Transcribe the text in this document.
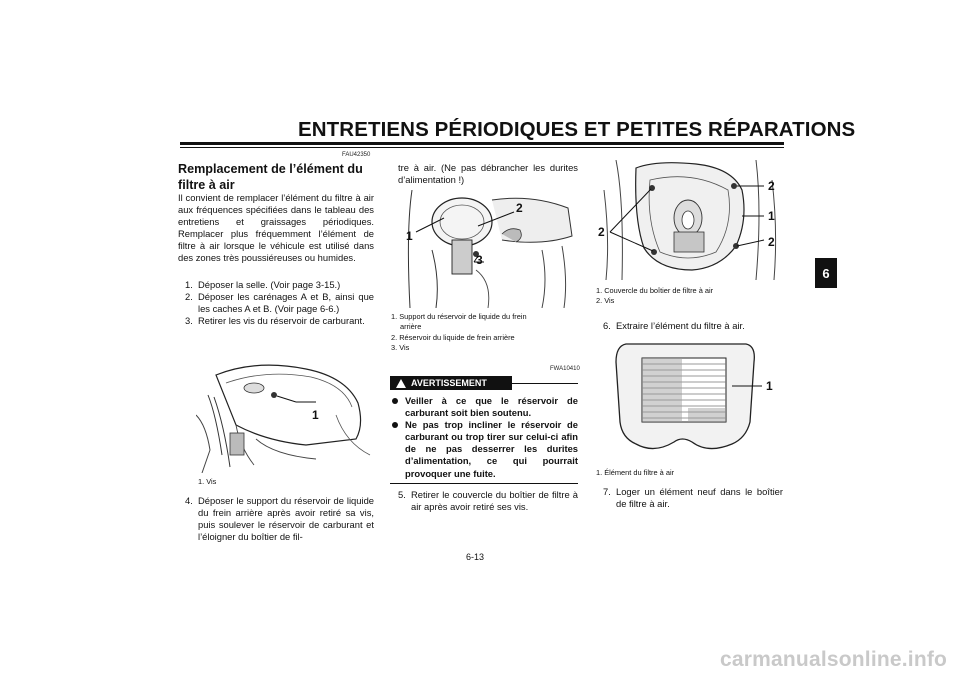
ENTRETIENS PÉRIODIQUES ET PETITES RÉPARATIONS
6
FAU42350
Remplacement de l’élément du filtre à air
Il convient de remplacer l’élément du filtre à air aux fréquences spécifiées dans le tableau des entretiens et graissages périodiques. Remplacer plus fréquemment l’élément de filtre à air lorsque le véhicule est utilisé dans des zones très poussiéreuses ou humides.
1. Déposer la selle. (Voir page 3-15.)
2. Déposer les carénages A et B, ainsi que les caches A et B. (Voir page 6-6.)
3. Retirer les vis du réservoir de carburant.
1
1. Vis
4. Déposer le support du réservoir de liquide du frein arrière après avoir retiré sa vis, puis soulever le réservoir de carburant et l’éloigner du boîtier de fil-
tre à air. (Ne pas débrancher les durites d’alimentation !)
1
2
3
1. Support du réservoir de liquide du frein
arrière
2. Réservoir du liquide de frein arrière
3. Vis
FWA10410
AVERTISSEMENT
Veiller à ce que le réservoir de carburant soit bien soutenu.
Ne pas trop incliner le réservoir de carburant ou trop tirer sur celui-ci afin de ne pas desserrer les durites d’alimentation, ce qui pourrait provoquer une fuite.
5. Retirer le couvercle du boîtier de filtre à air après avoir retiré ses vis.
2
1
2
2
1. Couvercle du boîtier de filtre à air
2. Vis
6. Extraire l’élément du filtre à air.
1
1. Élément du filtre à air
7. Loger un élément neuf dans le boîtier de filtre à air.
6-13
carmanualsonline.info
